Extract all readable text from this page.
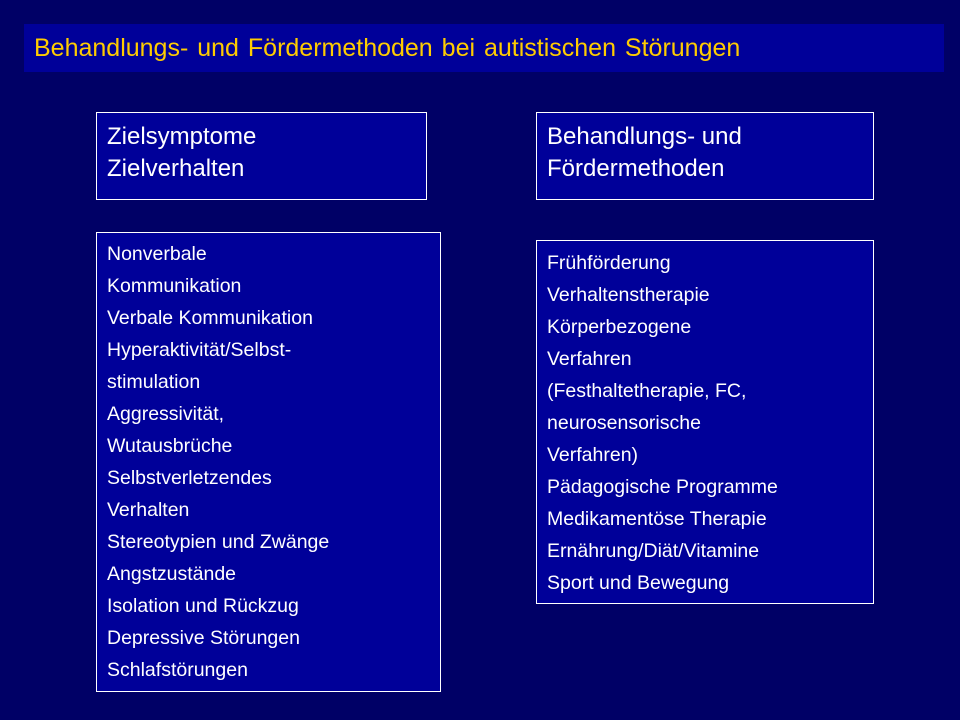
Behandlungs- und Fördermethoden bei autistischen Störungen
Zielsymptome
Zielverhalten
Behandlungs- und
Fördermethoden
Nonverbale
Kommunikation
Verbale Kommunikation
Hyperaktivität/Selbst-
stimulation
Aggressivität,
Wutausbrüche
Selbstverletzendes
Verhalten
Stereotypien und Zwänge
Angstzustände
Isolation und Rückzug
Depressive Störungen
Schlafstörungen
Frühförderung
Verhaltenstherapie
Körperbezogene
Verfahren
(Festhaltetherapie, FC,
neurosensorische
Verfahren)
Pädagogische Programme
Medikamentöse Therapie
Ernährung/Diät/Vitamine
Sport und Bewegung
